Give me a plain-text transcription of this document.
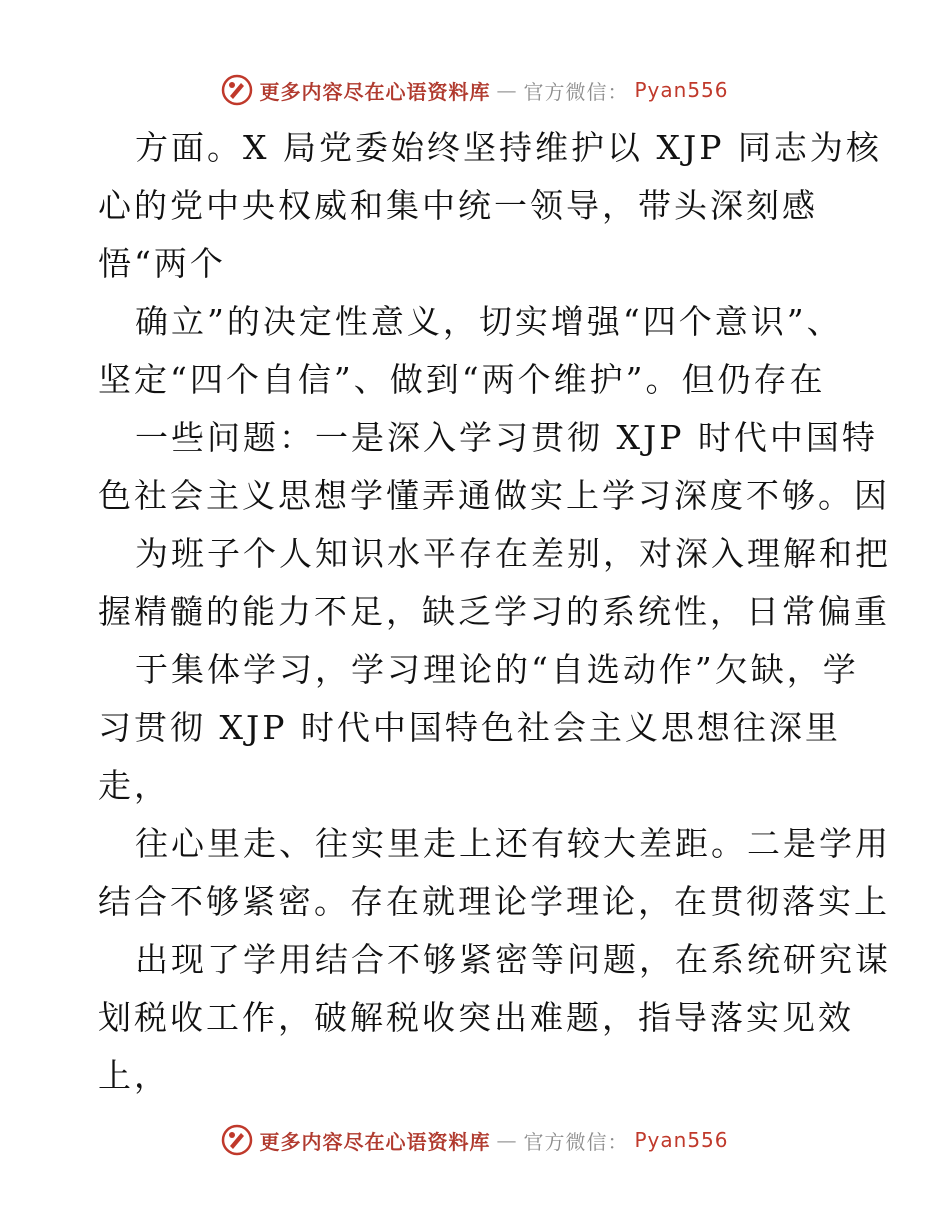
更多内容尽在心语资料库 — 官方微信： Pyan556
方面。X 局党委始终坚持维护以 XJP 同志为核
心的党中央权威和集中统一领导，带头深刻感
悟“两个
确立”的决定性意义，切实增强“四个意识”、
坚定“四个自信”、做到“两个维护”。但仍存在
一些问题：一是深入学习贯彻 XJP 时代中国特
色社会主义思想学懂弄通做实上学习深度不够。因
为班子个人知识水平存在差别，对深入理解和把
握精髓的能力不足，缺乏学习的系统性，日常偏重
于集体学习，学习理论的“自选动作”欠缺，学
习贯彻 XJP 时代中国特色社会主义思想往深里
走，
往心里走、往实里走上还有较大差距。二是学用
结合不够紧密。存在就理论学理论，在贯彻落实上
出现了学用结合不够紧密等问题，在系统研究谋
划税收工作，破解税收突出难题，指导落实见效
上，
更多内容尽在心语资料库 — 官方微信： Pyan556
